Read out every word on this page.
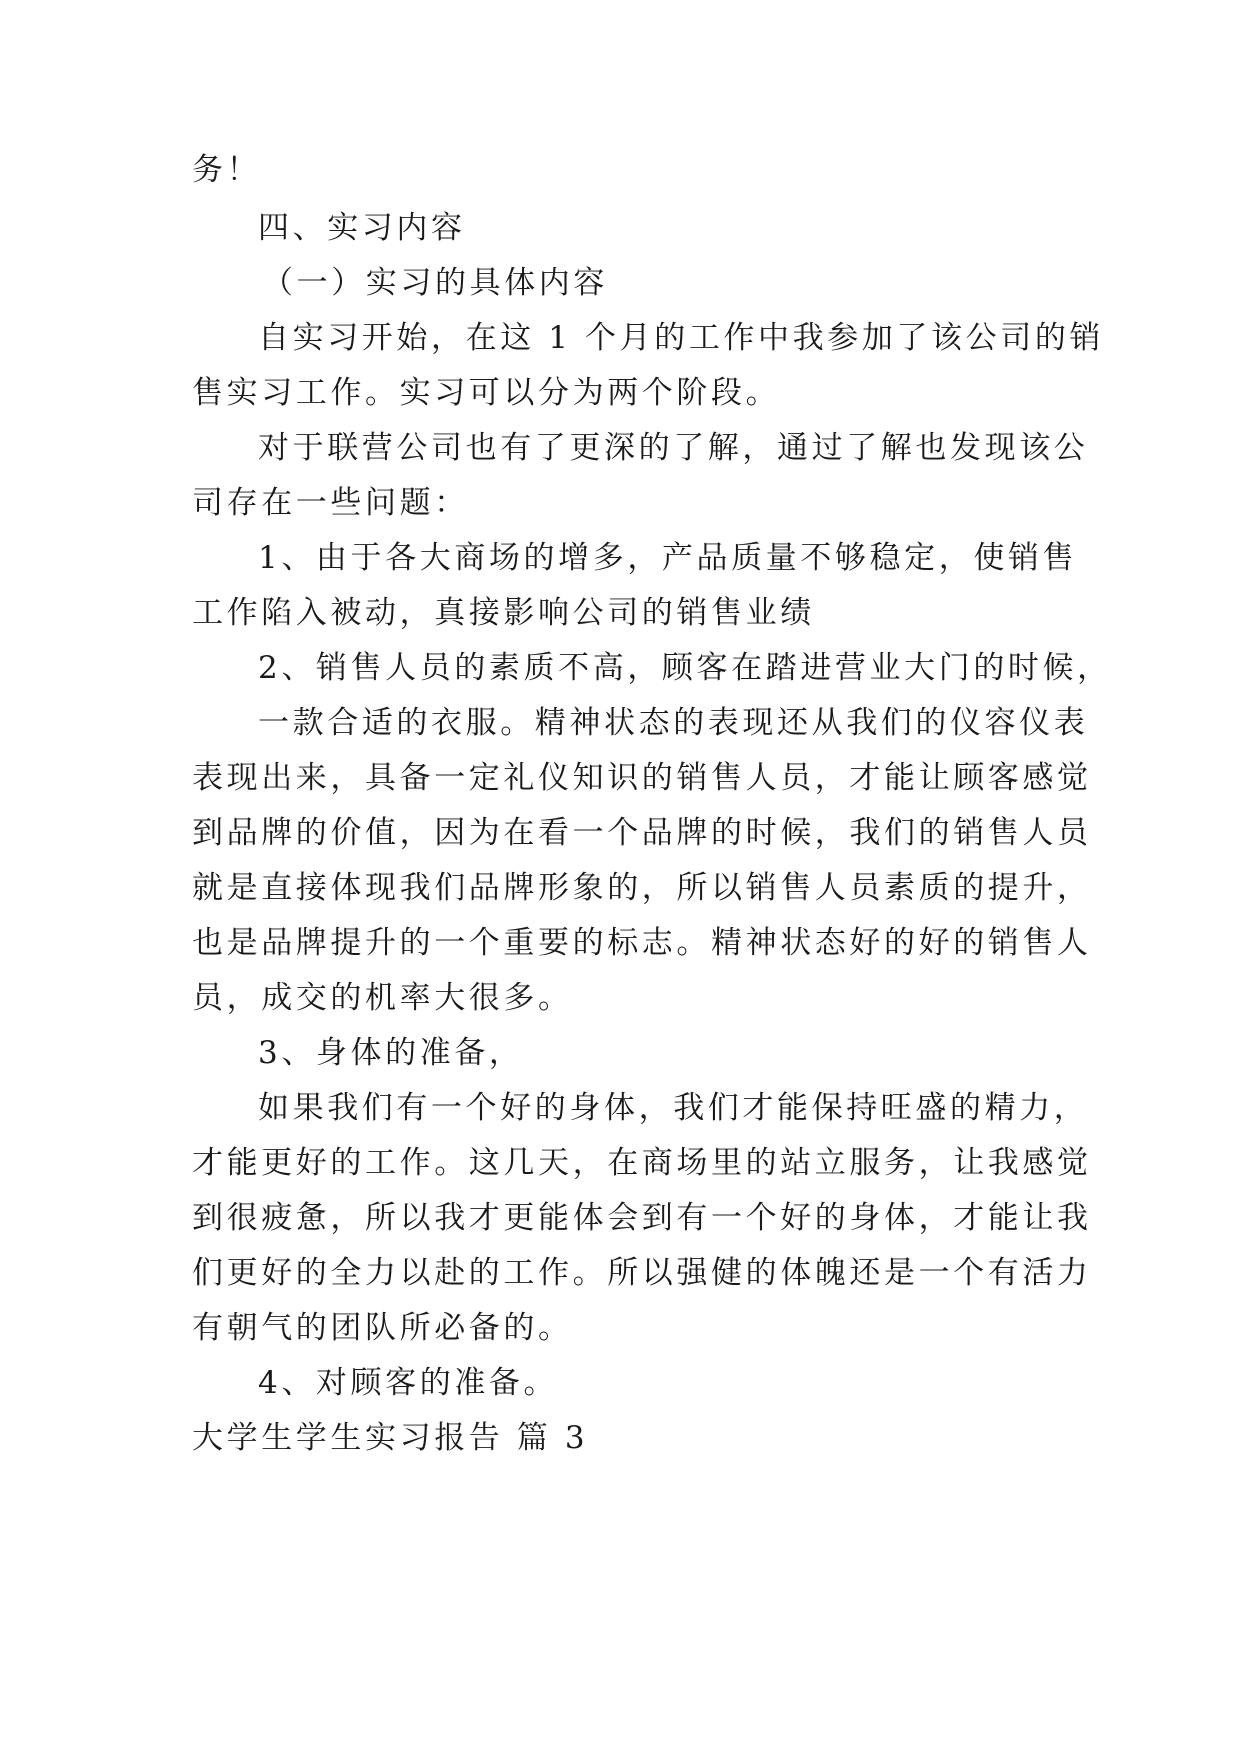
务！
四、实习内容
（一）实习的具体内容
自实习开始，在这 1 个月的工作中我参加了该公司的销
售实习工作。实习可以分为两个阶段。
对于联营公司也有了更深的了解，通过了解也发现该公
司存在一些问题：
1、由于各大商场的增多，产品质量不够稳定，使销售
工作陷入被动，真接影响公司的销售业绩
2、销售人员的素质不高，顾客在踏进营业大门的时候，
一款合适的衣服。精神状态的表现还从我们的仪容仪表
表现出来，具备一定礼仪知识的销售人员，才能让顾客感觉
到品牌的价值，因为在看一个品牌的时候，我们的销售人员
就是直接体现我们品牌形象的，所以销售人员素质的提升，
也是品牌提升的一个重要的标志。精神状态好的好的销售人
员，成交的机率大很多。
3、身体的准备，
如果我们有一个好的身体，我们才能保持旺盛的精力，
才能更好的工作。这几天，在商场里的站立服务，让我感觉
到很疲惫，所以我才更能体会到有一个好的身体，才能让我
们更好的全力以赴的工作。所以强健的体魄还是一个有活力
有朝气的团队所必备的。
4、对顾客的准备。
大学生学生实习报告 篇 3
